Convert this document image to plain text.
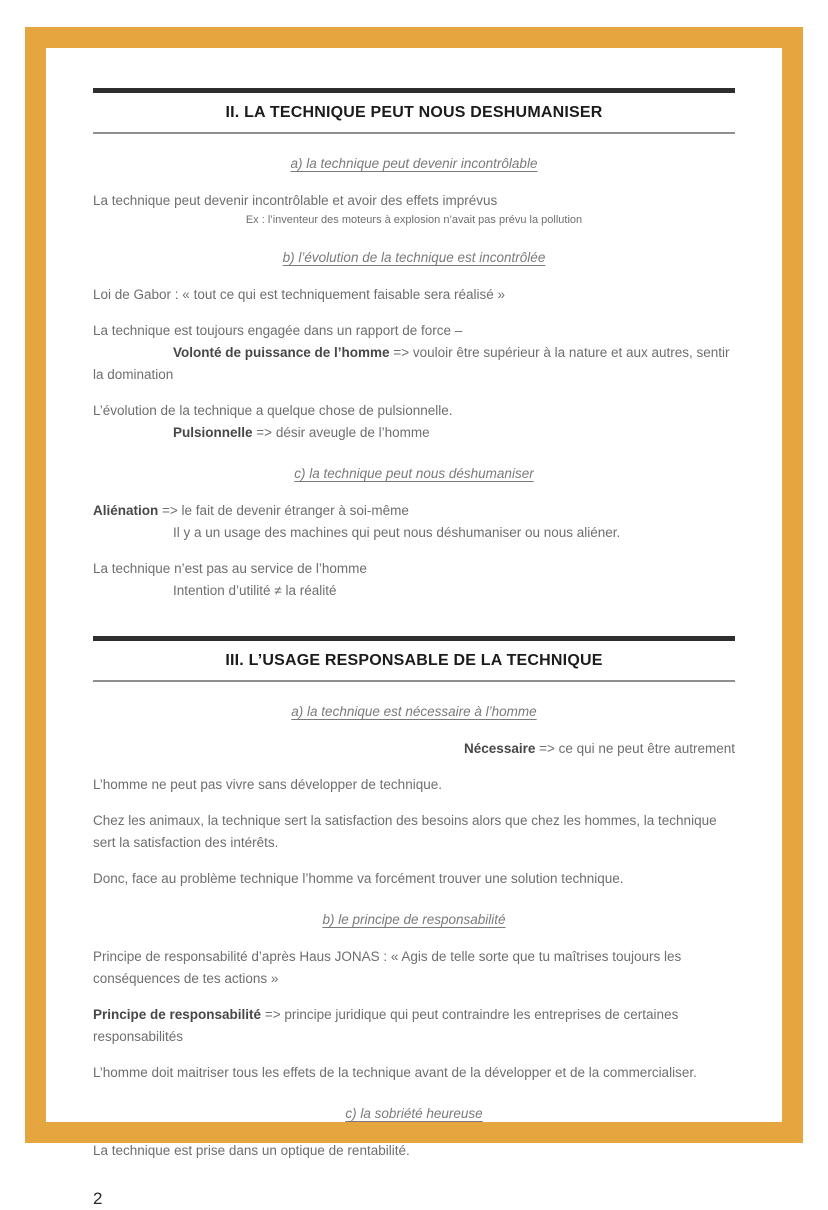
II. LA TECHNIQUE PEUT NOUS DESHUMANISER
a) la technique peut devenir incontrôlable

La technique peut devenir incontrôlable et avoir des effets imprévus

Ex : l’inventeur des moteurs à explosion n’avait pas prévu la pollution

b) l’évolution de la technique est incontrôlée

Loi de Gabor : « tout ce qui est techniquement faisable sera réalisé »

La technique est toujours engagée dans un rapport de force –

Volonté de puissance de l’homme => vouloir être supérieur à la nature et aux autres, sentir la domination

L’évolution de la technique a quelque chose de pulsionnelle.

Pulsionnelle => désir aveugle de l’homme

c) la technique peut nous déshumaniser

Aliénation => le fait de devenir étranger à soi-même

Il y a un usage des machines qui peut nous déshumaniser ou nous aliéner.

La technique n’est pas au service de l’homme

Intention d’utilité ≠ la réalité

III. L’USAGE RESPONSABLE DE LA TECHNIQUE
a) la technique est nécessaire à l’homme

Nécessaire => ce qui ne peut être autrement

L’homme ne peut pas vivre sans développer de technique.

Chez les animaux, la technique sert la satisfaction des besoins alors que chez les hommes, la technique sert la satisfaction des intérêts.

Donc, face au problème technique l’homme va forcément trouver une solution technique.

b) le principe de responsabilité

Principe de responsabilité d’après Haus JONAS : « Agis de telle sorte que tu maîtrises toujours les conséquences de tes actions »

Principe de responsabilité => principe juridique qui peut contraindre les entreprises de certaines responsabilités

L’homme doit maitriser tous les effets de la technique avant de la développer et de la commercialiser.

c) la sobriété heureuse

La technique est prise dans un optique de rentabilité.

2
